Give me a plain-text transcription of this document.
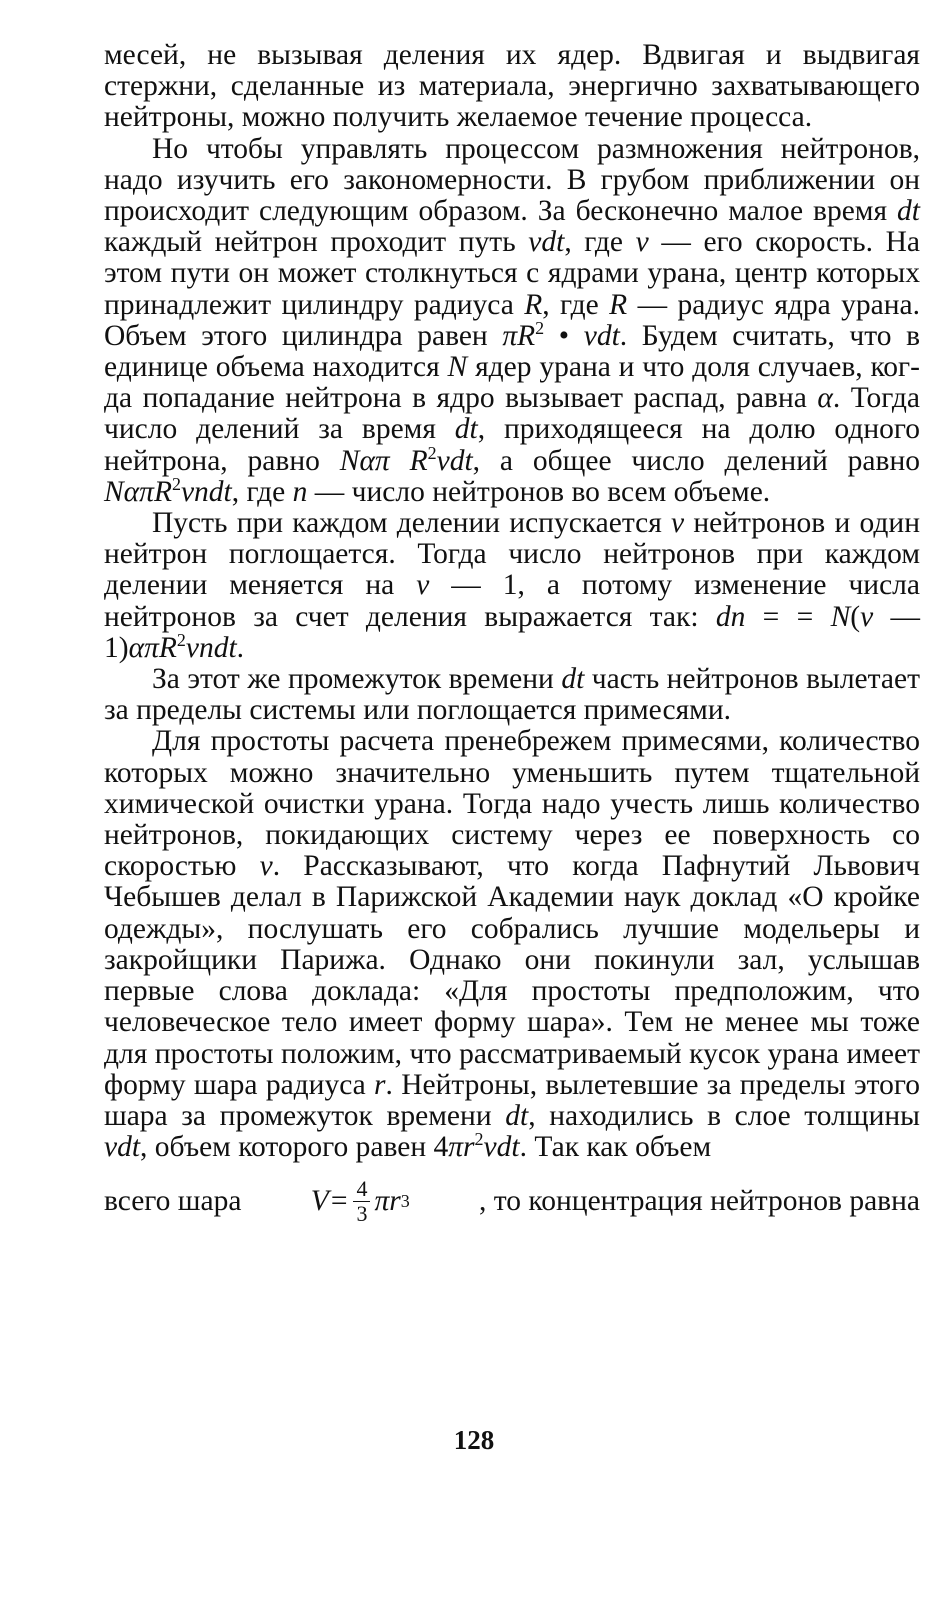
месей, не вызывая деления их ядер. Вдвигая и выдвигая стержни, сделанные из материала, энергично захватывающего нейтроны, можно получить желаемое течение процесса.

Но чтобы управлять процессом размножения нейтронов, надо изучить его закономерности. В грубом приближении он происходит следующим образом. За бесконечно малое время dt каждый нейтрон проходит путь vdt, где v — его скорость. На этом пути он может столкнуться с ядрами урана, центр которых принадлежит цилиндру радиуса R, где R — радиус ядра урана. Объем этого цилиндра равен $\pi R^2$ • vdt. Будем считать, что в единице объема находится N ядер урана и что доля случаев, когда попадание нейтрона в ядро вызывает распад, равна α. Тогда число делений за время dt, приходящееся на долю одного нейтрона, равно Nαπ $R^2vdt$, а общее число делений равно NαπR$^2$vndt, где n — число нейтронов во всем объеме.

Пусть при каждом делении испускается ν нейтронов и один нейтрон поглощается. Тогда число нейтронов при каждом делении меняется на ν — 1, а потому изменение числа нейтронов за счет деления выражается так: dn = = N(ν — 1)απR$^2$vndt.

За этот же промежуток времени dt часть нейтронов вылетает за пределы системы или поглощается примесями.

Для простоты расчета пренебрежем примесями, количество которых можно значительно уменьшить путем тщательной химической очистки урана. Тогда надо учесть лишь количество нейтронов, покидающих систему через ее поверхность со скоростью v. Рассказывают, что когда Пафнутий Львович Чебышев делал в Парижской Академии наук доклад «О кройке одежды», послушать его собрались лучшие модельеры и закройщики Парижа. Однако они покинули зал, услышав первые слова доклада: «Для простоты предположим, что человеческое тело имеет форму шара». Тем не менее мы тоже для простоты положим, что рассматриваемый кусок урана имеет форму шара радиуса r. Нейтроны, вылетевшие за пределы этого шара за промежуток времени dt, находились в слое толщины vdt, объем которого равен $4\pi r^2vdt$. Так как объем

всего шара $V = \frac{4}{3}$ πr 3 , то концентрация нейтронов равна
128
